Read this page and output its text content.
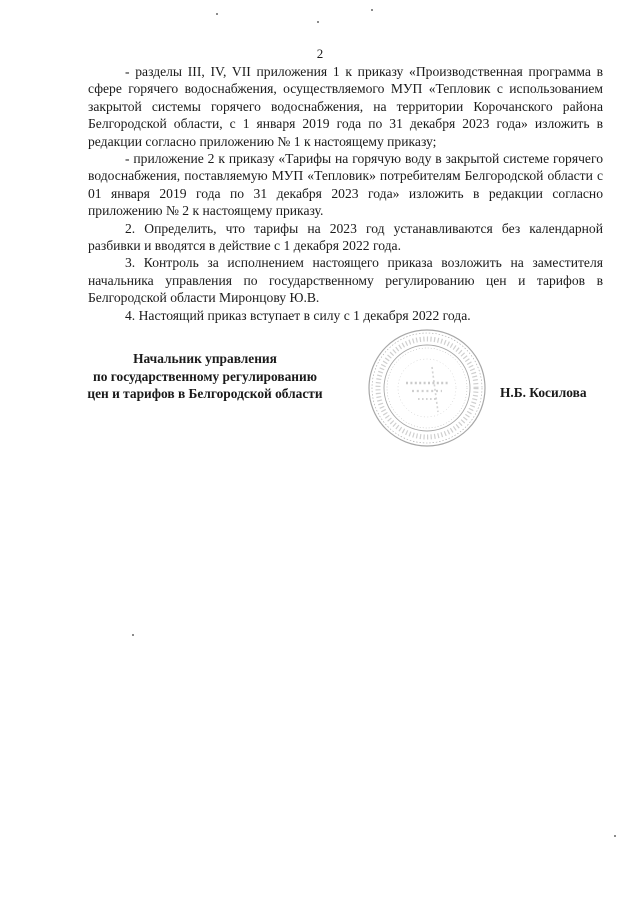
2

- разделы III, IV, VII приложения 1 к приказу «Производственная программа в сфере горячего водоснабжения, осуществляемого МУП «Тепловик с использованием закрытой системы горячего водоснабжения, на территории Корочанского района Белгородской области, с 1 января 2019 года по 31 декабря 2023 года» изложить в редакции согласно приложению № 1 к настоящему приказу;

- приложение 2 к приказу «Тарифы на горячую воду в закрытой системе горячего водоснабжения, поставляемую МУП «Тепловик» потребителям Белгородской области с 01 января 2019 года по 31 декабря 2023 года» изложить в редакции согласно приложению № 2 к настоящему приказу.

2. Определить, что тарифы на 2023 год устанавливаются без календарной разбивки и вводятся в действие с 1 декабря 2022 года.

3. Контроль за исполнением настоящего приказа возложить на заместителя начальника управления по государственному регулированию цен и тарифов в Белгородской области Миронцову Ю.В.

4. Настоящий приказ вступает в силу с 1 декабря 2022 года.

Начальник управления
по государственному регулированию
цен и тарифов в Белгородской области	Н.Б. Косилова
